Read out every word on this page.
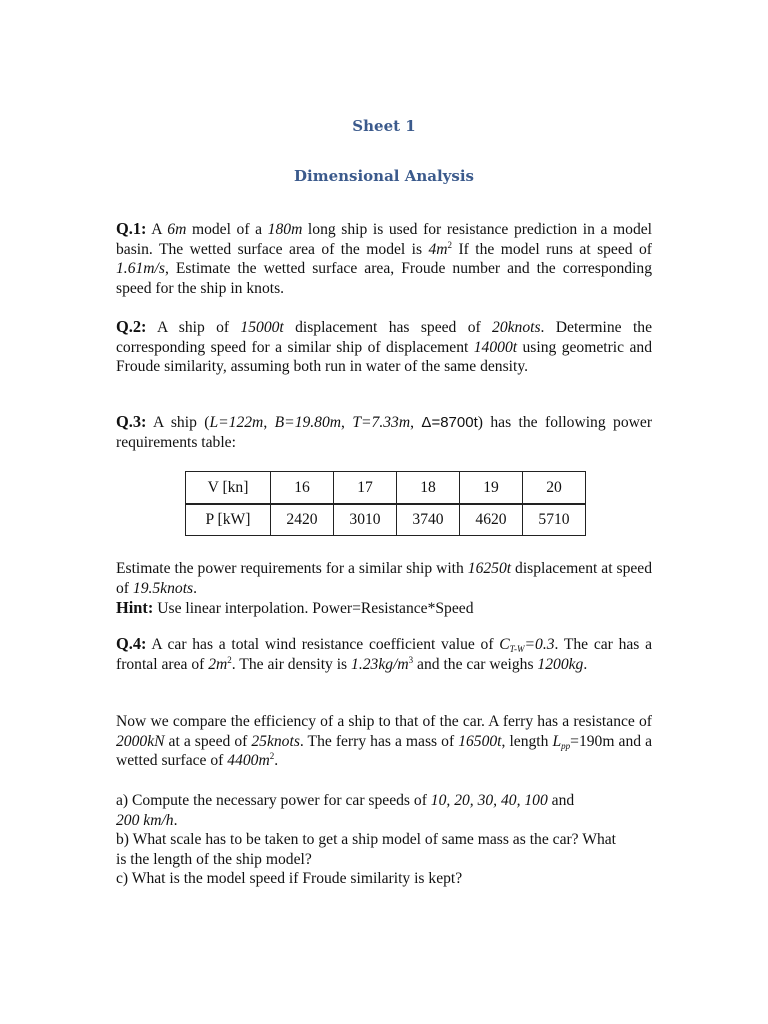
Sheet 1
Dimensional Analysis
Q.1: A 6m model of a 180m long ship is used for resistance prediction in a model basin. The wetted surface area of the model is $4m^2$ If the model runs at speed of 1.61m/s, Estimate the wetted surface area, Froude number and the corresponding speed for the ship in knots.
Q.2: A ship of 15000t displacement has speed of 20knots. Determine the corresponding speed for a similar ship of displacement 14000t using geometric and Froude similarity, assuming both run in water of the same density.
Q.3: A ship (L=122m, B=19.80m, T=7.33m, Δ=8700t) has the following power requirements table:
V [kn]	16	17	18	19	20
P [kW]	2420	3010	3740	4620	5710
Estimate the power requirements for a similar ship with 16250t displacement at speed of 19.5knots.
Hint: Use linear interpolation. Power=Resistance*Speed
Q.4: A car has a total wind resistance coefficient value of $C_{T-W}=0.3$. The car has a frontal area of $2m^2$. The air density is $1.23kg/m^3$ and the car weighs 1200kg.
Now we compare the efficiency of a ship to that of the car. A ferry has a resistance of 2000kN at a speed of 25knots. The ferry has a mass of 16500t, length $L_{pp}=190m$ and a wetted surface of $4400m^2$.
a) Compute the necessary power for car speeds of 10, 20, 30, 40, 100 and
200 km/h.
b) What scale has to be taken to get a ship model of same mass as the car? What is the length of the ship model?
c) What is the model speed if Froude similarity is kept?
